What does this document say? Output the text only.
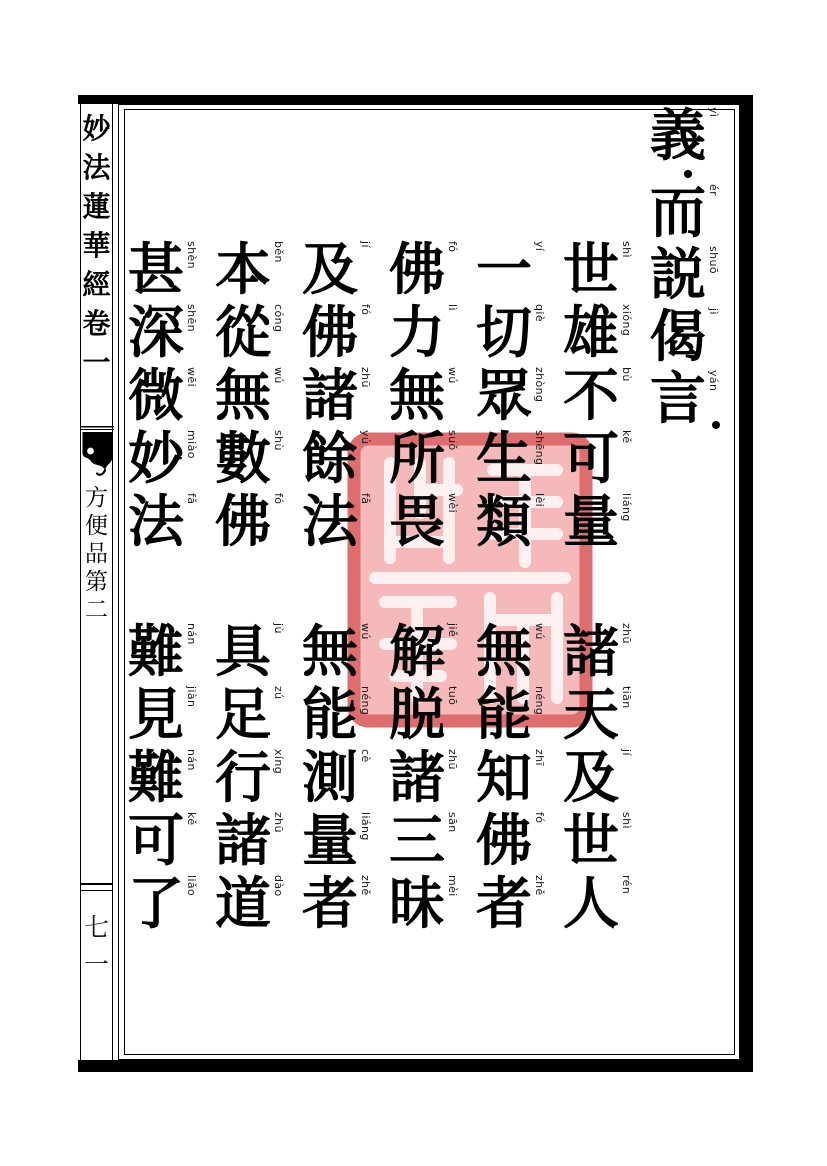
妙法蓮華經卷一
方便品第二
七一
義 yì
而 ér
説 shuō
偈 jì
言 yán
世 shì
雄 xióng
不 bù
可 kě
量 liáng
諸 zhū
天 tiān
及 jí
世 shì
人 rén
一 yí
切 qiè
眾 zhòng
生 shēng
類 lèi
無 wú
能 néng
知 zhī
佛 fó
者 zhě
佛 fó
力 lì
無 wú
所 suǒ
畏 wèi
解 jiě
脱 tuō
諸 zhū
三 sān
昧 mèi
及 jí
佛 fó
諸 zhū
餘 yú
法 fǎ
無 wú
能 néng
測 cè
量 liáng
者 zhě
本 běn
從 cóng
無 wú
數 shù
佛 fó
具 jù
足 zú
行 xíng
諸 zhū
道 dào
甚 shèn
深 shēn
微 wēi
妙 miào
法 fǎ
難 nán
見 jiàn
難 nán
可 kě
了 liǎo
